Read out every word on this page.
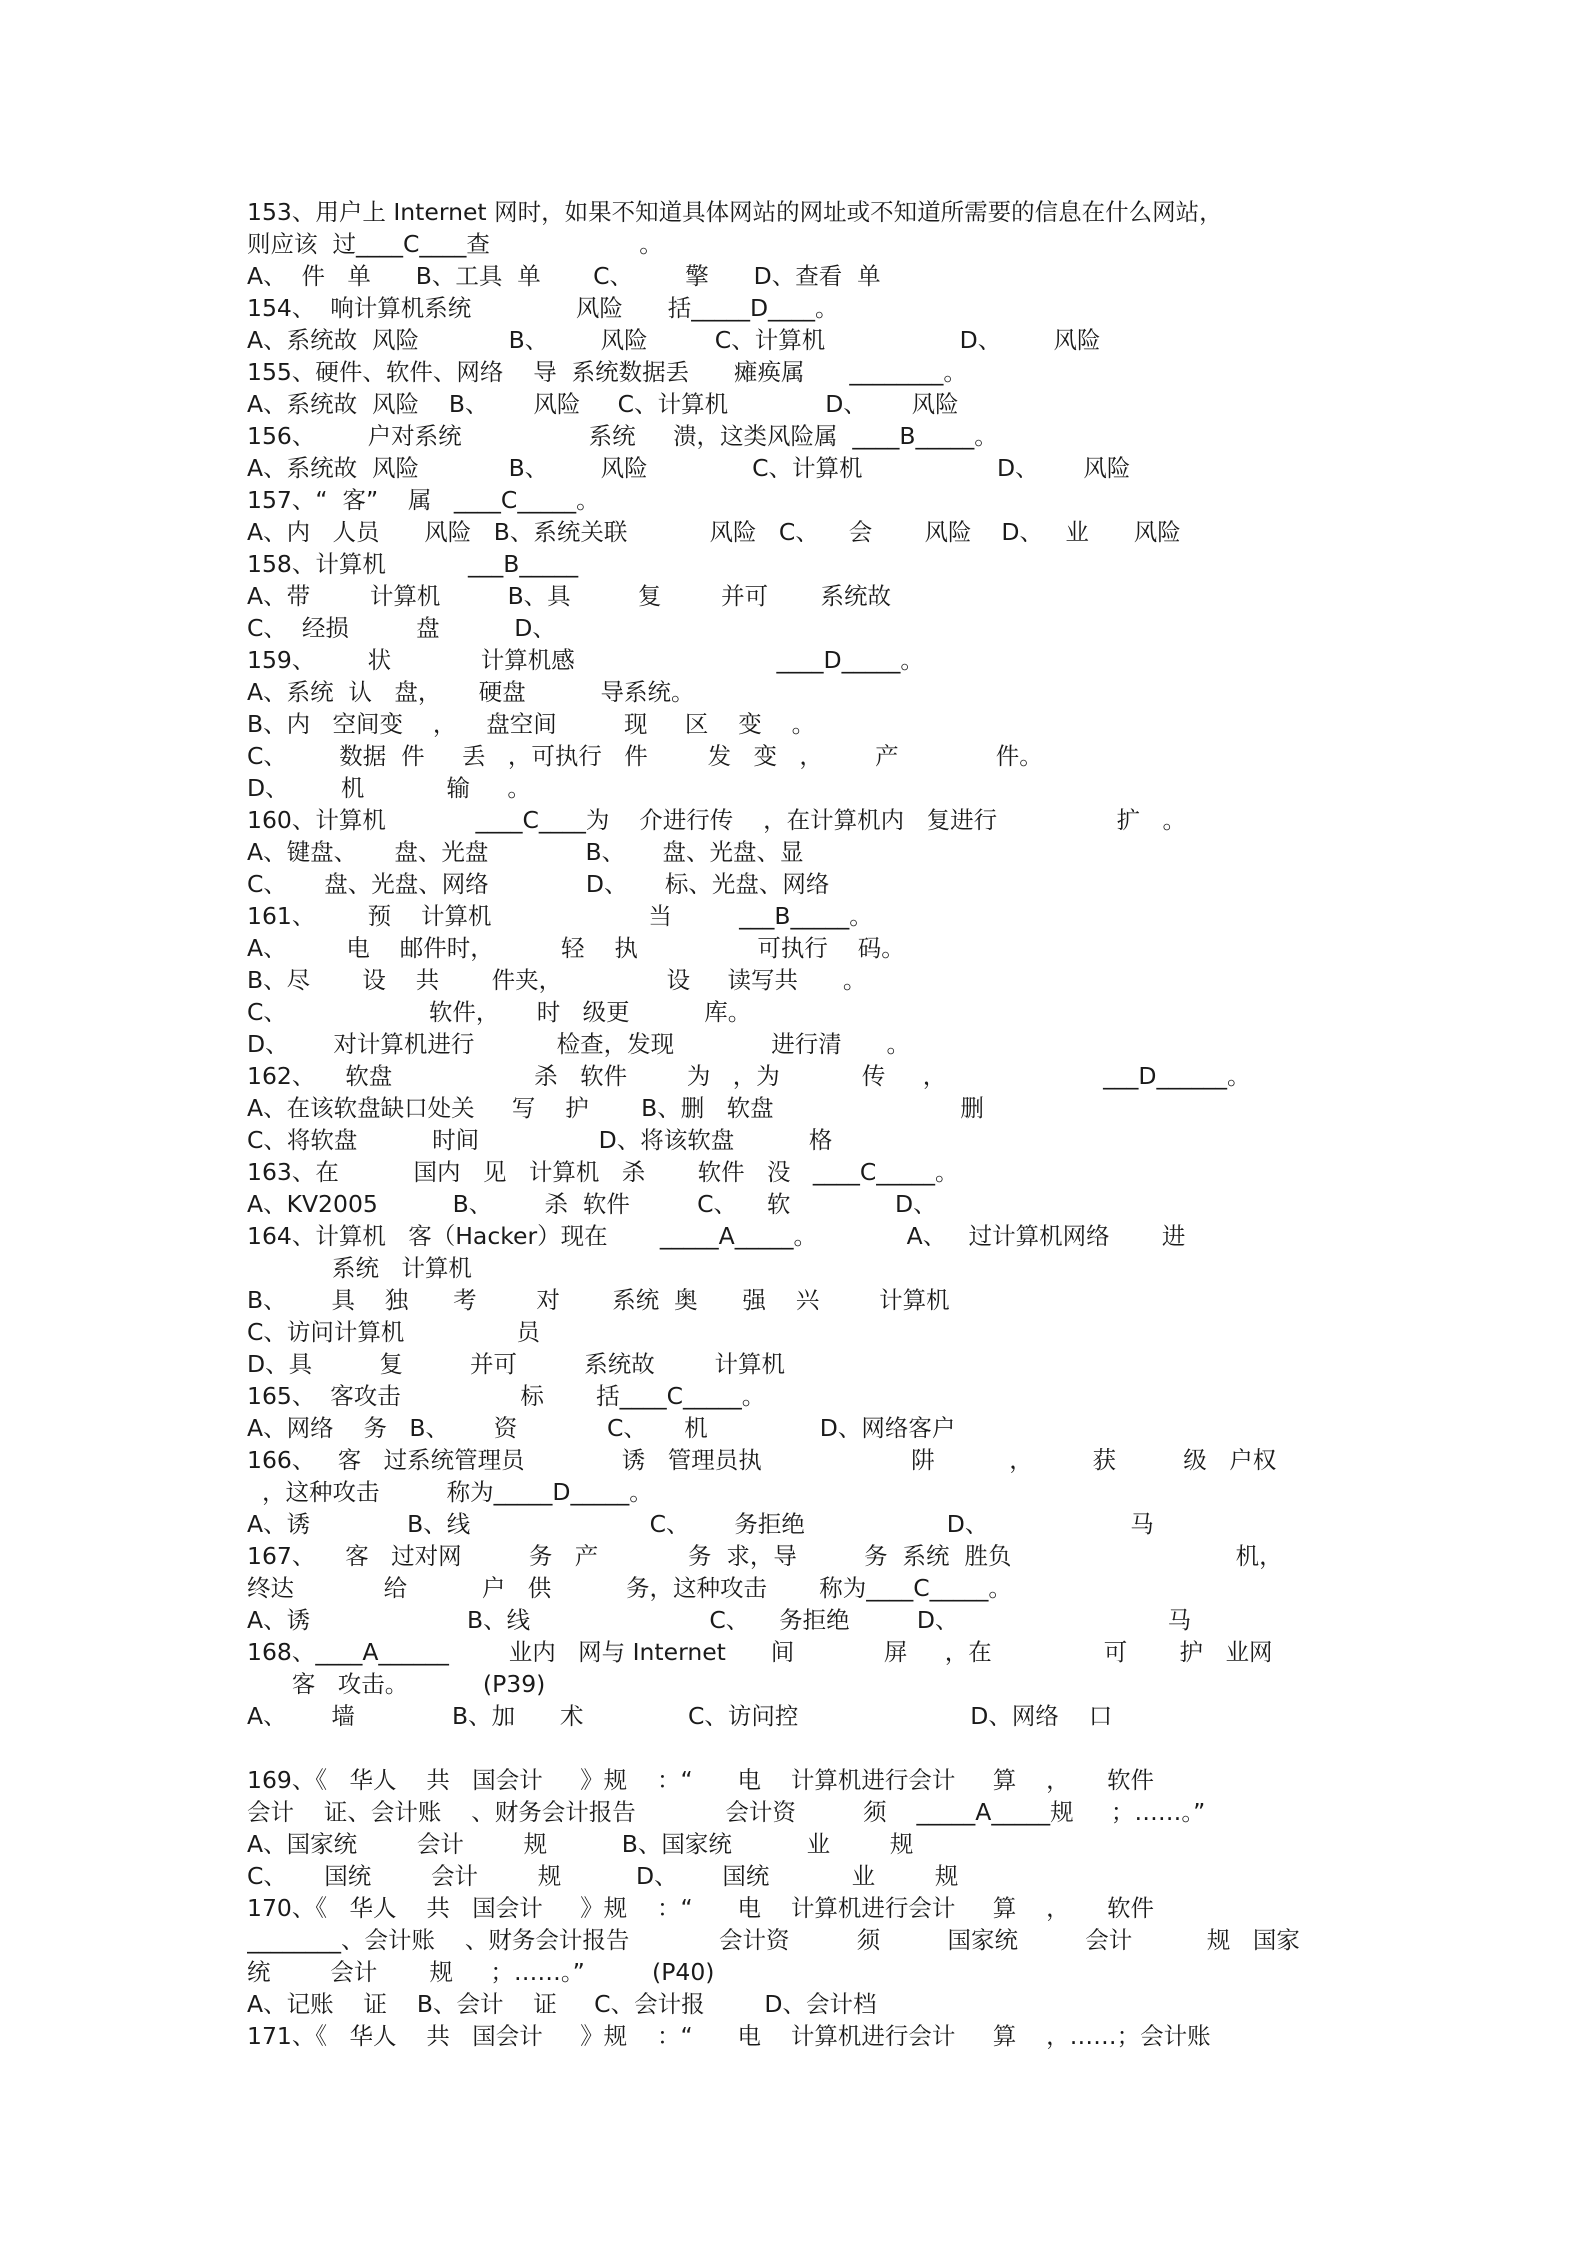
153、用户上 Internet 网时，如果不知道具体网站的网址或不知道所需要的信息在什么网站，
则应该  过____C____查                    。
A、  件   单      B、工具  单       C、       擎      D、查看  单
154、  响计算机系统              风险      括_____D____。
A、系统故  风险            B、       风险         C、计算机                  D、       风险
155、硬件、软件、网络    导  系统数据丢      瘫痪属      ________。
A、系统故  风险    B、      风险     C、计算机             D、      风险
156、       户对系统                 系统     溃，这类风险属  ____B_____。
A、系统故  风险            B、       风险              C、计算机                  D、      风险
157、“  客”    属   ____C_____。
A、内   人员      风险   B、系统关联           风险   C、    会       风险    D、   业      风险
158、计算机           ___B_____
A、带        计算机         B、具         复        并可       系统故
C、  经损         盘          D、
159、       状            计算机感                           ____D_____。
A、系统  认   盘，     硬盘          导系统。
B、内   空间变    ，    盘空间         现     区    变    。
C、       数据  件     丢   ，可执行   件        发   变   ，       产             件。
D、       机           输     。
160、计算机            ____C____为    介进行传    ，在计算机内   复进行                扩   。
A、键盘、     盘、光盘             B、     盘、光盘、显
C、     盘、光盘、网络             D、     标、光盘、网络
161、       预    计算机                     当         ___B_____。
A、        电    邮件时，         轻    执                可执行    码。
B、尽       设    共       件夹，              设     读写共      。
C、                   软件，     时   级更          库。
D、      对计算机进行           检查，发现             进行清      。
162、    软盘                   杀   软件        为   ，为           传     ，                     ___D______。
A、在该软盘缺口处关     写    护       B、删   软盘                         删
C、将软盘          时间                D、将该软盘          格
163、在          国内   见   计算机   杀       软件   没   ____C_____。
A、KV2005          B、       杀  软件         C、    软              D、
164、计算机   客（Hacker）现在       _____A_____。            A、   过计算机网络       进
系统   计算机
B、      具    独      考        对       系统  奥      强    兴        计算机
C、访问计算机               员
D、具         复         并可         系统故        计算机
165、  客攻击                标       括____C_____。
A、网络    务   B、      资            C、     机               D、网络客户
166、   客   过系统管理员             诱   管理员执                    阱          ，        获         级   户权
，这种攻击         称为_____D_____。
A、诱             B、线                        C、      务拒绝                   D、                   马
167、    客   过对网         务   产            务  求，导         务  系统  胜负                              机，
终达            给          户   供          务，这种攻击       称为____C_____。
A、诱                     B、线                        C、    务拒绝         D、                            马
168、____A______        业内   网与 Internet      间            屏     ，在               可       护   业网
客   攻击。          (P39)
A、      墙             B、加      术              C、访问控                       D、网络    口
169、《   华人    共   国会计     》规    ：“      电    计算机进行会计     算    ，     软件
会计    证、会计账    、财务会计报告            会计资         须    _____A_____规     ；……。”
A、国家统        会计        规          B、国家统          业        规
C、     国统        会计        规          D、      国统           业        规
170、《   华人    共   国会计     》规    ：“      电    计算机进行会计     算    ，     软件
________、会计账    、财务会计报告            会计资         须         国家统         会计          规   国家
统        会计       规     ；……。”         (P40)
A、记账    证    B、会计    证     C、会计报        D、会计档
171、《   华人    共   国会计     》规    ：“      电    计算机进行会计     算    ，……；会计账
